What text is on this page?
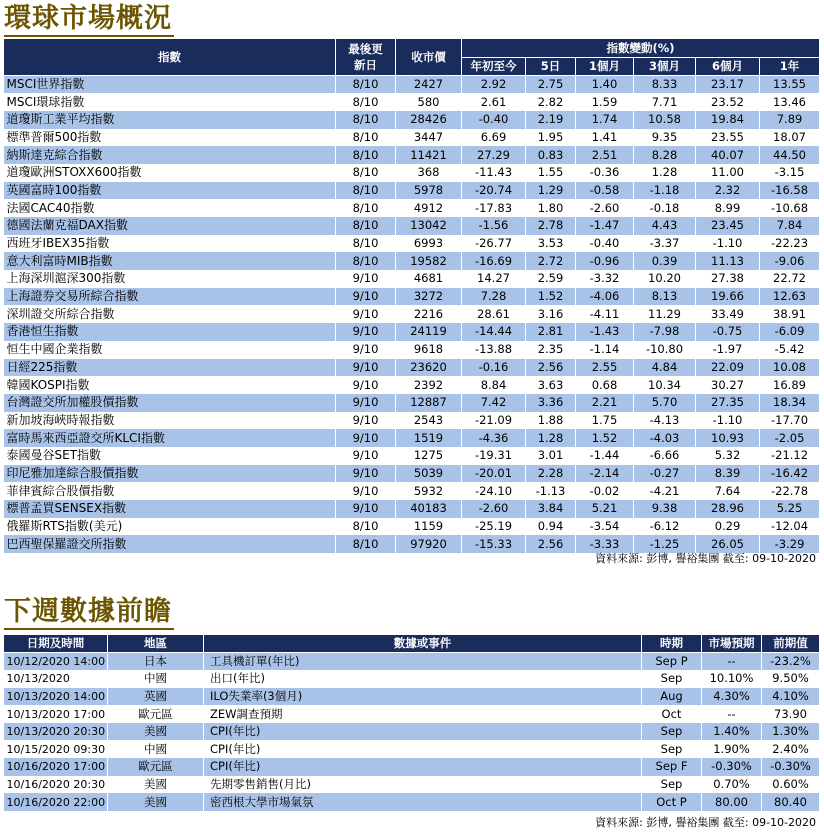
環球市場概況
指數	最後更新日	收市價	指數變動(%)					
			年初至今	5日	1個月	3個月	6個月	1年
MSCI世界指數	8/10	2427	2.92	2.75	1.40	8.33	23.17	13.55
MSCI環球指數	8/10	580	2.61	2.82	1.59	7.71	23.52	13.46
道瓊斯工業平均指數	8/10	28426	-0.40	2.19	1.74	10.58	19.84	7.89
標準普爾500指數	8/10	3447	6.69	1.95	1.41	9.35	23.55	18.07
納斯達克綜合指數	8/10	11421	27.29	0.83	2.51	8.28	40.07	44.50
道瓊歐洲STOXX600指數	8/10	368	-11.43	1.55	-0.36	1.28	11.00	-3.15
英國富時100指數	8/10	5978	-20.74	1.29	-0.58	-1.18	2.32	-16.58
法國CAC40指數	8/10	4912	-17.83	1.80	-2.60	-0.18	8.99	-10.68
德國法蘭克福DAX指數	8/10	13042	-1.56	2.78	-1.47	4.43	23.45	7.84
西班牙IBEX35指數	8/10	6993	-26.77	3.53	-0.40	-3.37	-1.10	-22.23
意大利富時MIB指數	8/10	19582	-16.69	2.72	-0.96	0.39	11.13	-9.06
上海深圳滬深300指數	9/10	4681	14.27	2.59	-3.32	10.20	27.38	22.72
上海證券交易所綜合指數	9/10	3272	7.28	1.52	-4.06	8.13	19.66	12.63
深圳證交所綜合指數	9/10	2216	28.61	3.16	-4.11	11.29	33.49	38.91
香港恒生指數	9/10	24119	-14.44	2.81	-1.43	-7.98	-0.75	-6.09
恒生中國企業指數	9/10	9618	-13.88	2.35	-1.14	-10.80	-1.97	-5.42
日經225指數	9/10	23620	-0.16	2.56	2.55	4.84	22.09	10.08
韓國KOSPI指數	9/10	2392	8.84	3.63	0.68	10.34	30.27	16.89
台灣證交所加權股價指數	9/10	12887	7.42	3.36	2.21	5.70	27.35	18.34
新加坡海峽時報指數	9/10	2543	-21.09	1.88	1.75	-4.13	-1.10	-17.70
富時馬來西亞證交所KLCI指數	9/10	1519	-4.36	1.28	1.52	-4.03	10.93	-2.05
泰國曼谷SET指數	9/10	1275	-19.31	3.01	-1.44	-6.66	5.32	-21.12
印尼雅加達綜合股價指數	9/10	5039	-20.01	2.28	-2.14	-0.27	8.39	-16.42
菲律賓綜合股價指數	9/10	5932	-24.10	-1.13	-0.02	-4.21	7.64	-22.78
標普孟買SENSEX指數	9/10	40183	-2.60	3.84	5.21	9.38	28.96	5.25
俄羅斯RTS指數(美元)	8/10	1159	-25.19	0.94	-3.54	-6.12	0.29	-12.04
巴西聖保羅證交所指數	8/10	97920	-15.33	2.56	-3.33	-1.25	26.05	-3.29
資料來源: 彭博, 譽裕集團 截至: 09-10-2020
下週數據前瞻
日期及時間	地區	數據或事件	時期	市場預期	前期值
10/12/2020 14:00	日本	工具機訂單(年比)	Sep P	--	-23.2%
10/13/2020	中國	出口(年比)	Sep	10.10%	9.50%
10/13/2020 14:00	英國	ILO失業率(3個月)	Aug	4.30%	4.10%
10/13/2020 17:00	歐元區	ZEW調查預期	Oct	--	73.90
10/13/2020 20:30	美國	CPI(年比)	Sep	1.40%	1.30%
10/15/2020 09:30	中國	CPI(年比)	Sep	1.90%	2.40%
10/16/2020 17:00	歐元區	CPI(年比)	Sep F	-0.30%	-0.30%
10/16/2020 20:30	美國	先期零售銷售(月比)	Sep	0.70%	0.60%
10/16/2020 22:00	美國	密西根大學市場氣氛	Oct P	80.00	80.40
資料來源: 彭博, 譽裕集團 截至: 09-10-2020
